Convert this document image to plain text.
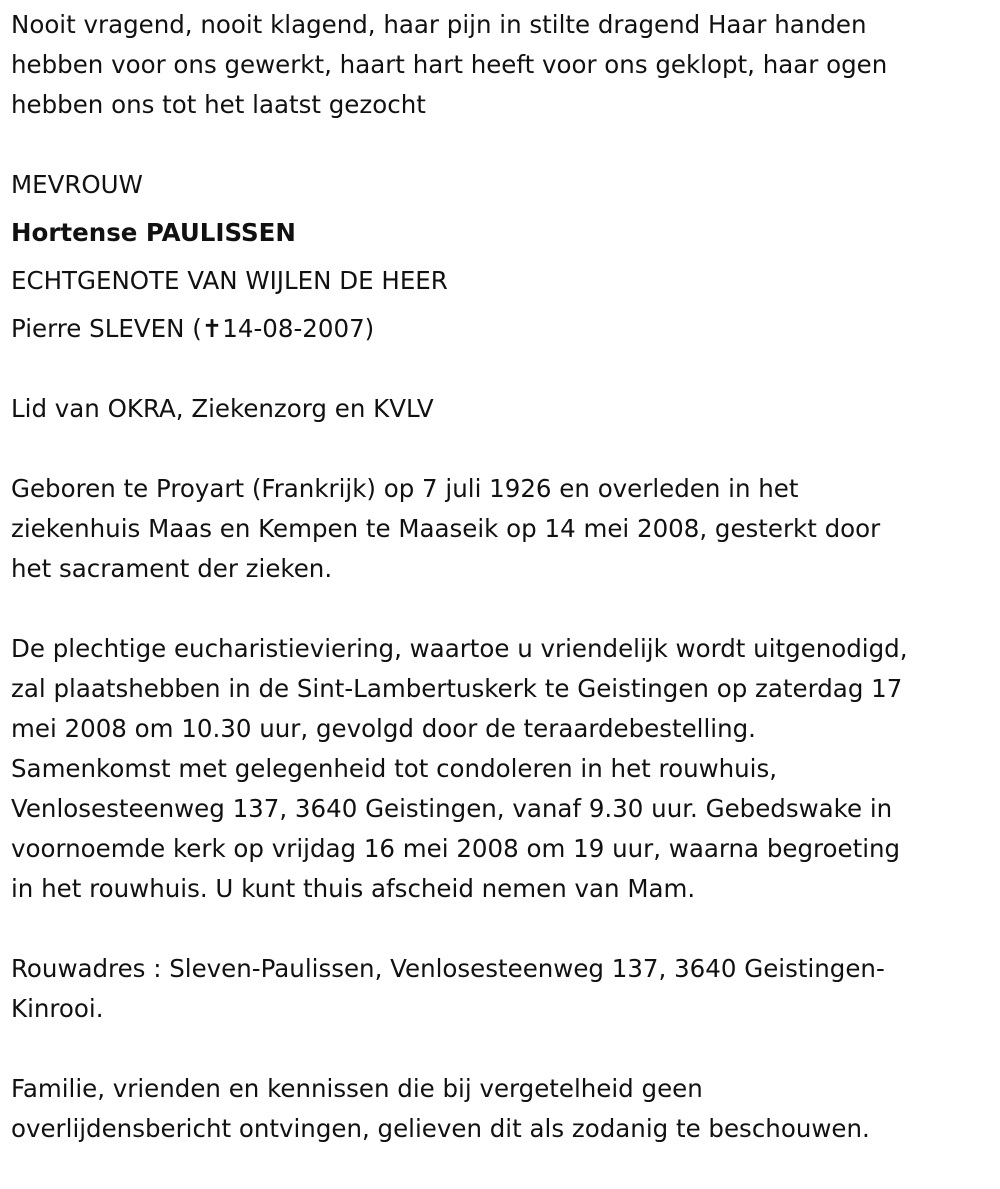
Nooit vragend, nooit klagend, haar pijn in stilte dragend Haar handen
hebben voor ons gewerkt, haart hart heeft voor ons geklopt, haar ogen
hebben ons tot het laatst gezocht
MEVROUW
Hortense PAULISSEN
ECHTGENOTE VAN WIJLEN DE HEER
Pierre SLEVEN (✝14-08-2007)
Lid van OKRA, Ziekenzorg en KVLV
Geboren te Proyart (Frankrijk) op 7 juli 1926 en overleden in het
ziekenhuis Maas en Kempen te Maaseik op 14 mei 2008, gesterkt door
het sacrament der zieken.
De plechtige eucharistieviering, waartoe u vriendelijk wordt uitgenodigd,
zal plaatshebben in de Sint-Lambertuskerk te Geistingen op zaterdag 17
mei 2008 om 10.30 uur, gevolgd door de teraardebestelling.
Samenkomst met gelegenheid tot condoleren in het rouwhuis,
Venlosesteenweg 137, 3640 Geistingen, vanaf 9.30 uur. Gebedswake in
voornoemde kerk op vrijdag 16 mei 2008 om 19 uur, waarna begroeting
in het rouwhuis. U kunt thuis afscheid nemen van Mam.
Rouwadres : Sleven-Paulissen, Venlosesteenweg 137, 3640 Geistingen-
Kinrooi.
Familie, vrienden en kennissen die bij vergetelheid geen
overlijdensbericht ontvingen, gelieven dit als zodanig te beschouwen.
